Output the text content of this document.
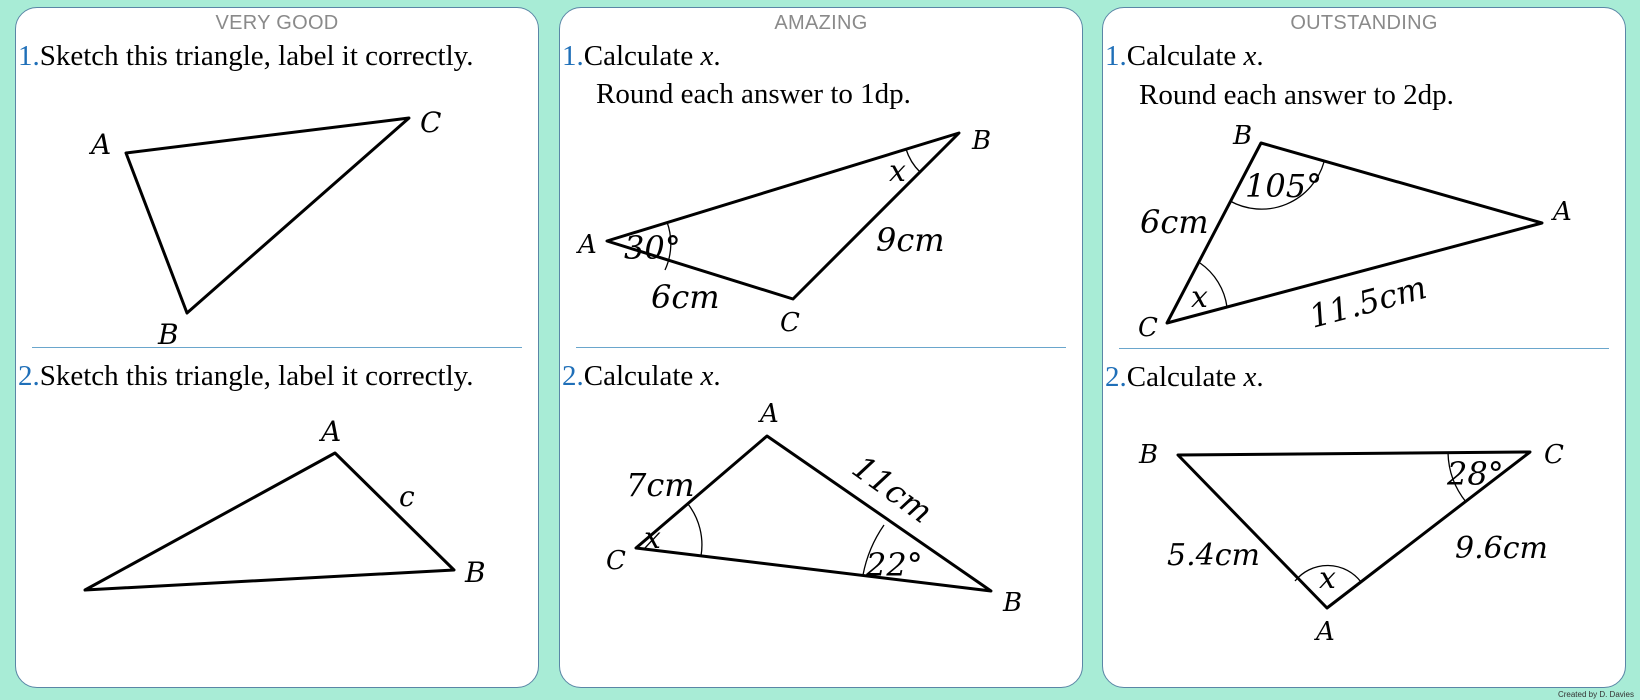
VERY GOOD
1.Sketch this triangle, label it correctly.
2.Sketch this triangle, label it correctly.
A
C
B
A
B
c
AMAZING
1.Calculate x.
Round each answer to 1dp.
2.Calculate x.
A
B
C
30°
x
9cm
6cm
A
C
B
x
22°
7cm	11cm
OUTSTANDING
1.Calculate x.
Round each answer to 2dp.
2.Calculate x.
B
A
C
105°
x
6cm
11.5cm
B	C
A
28°
x
5.4cm	9.6cm
Created by D. Davies
